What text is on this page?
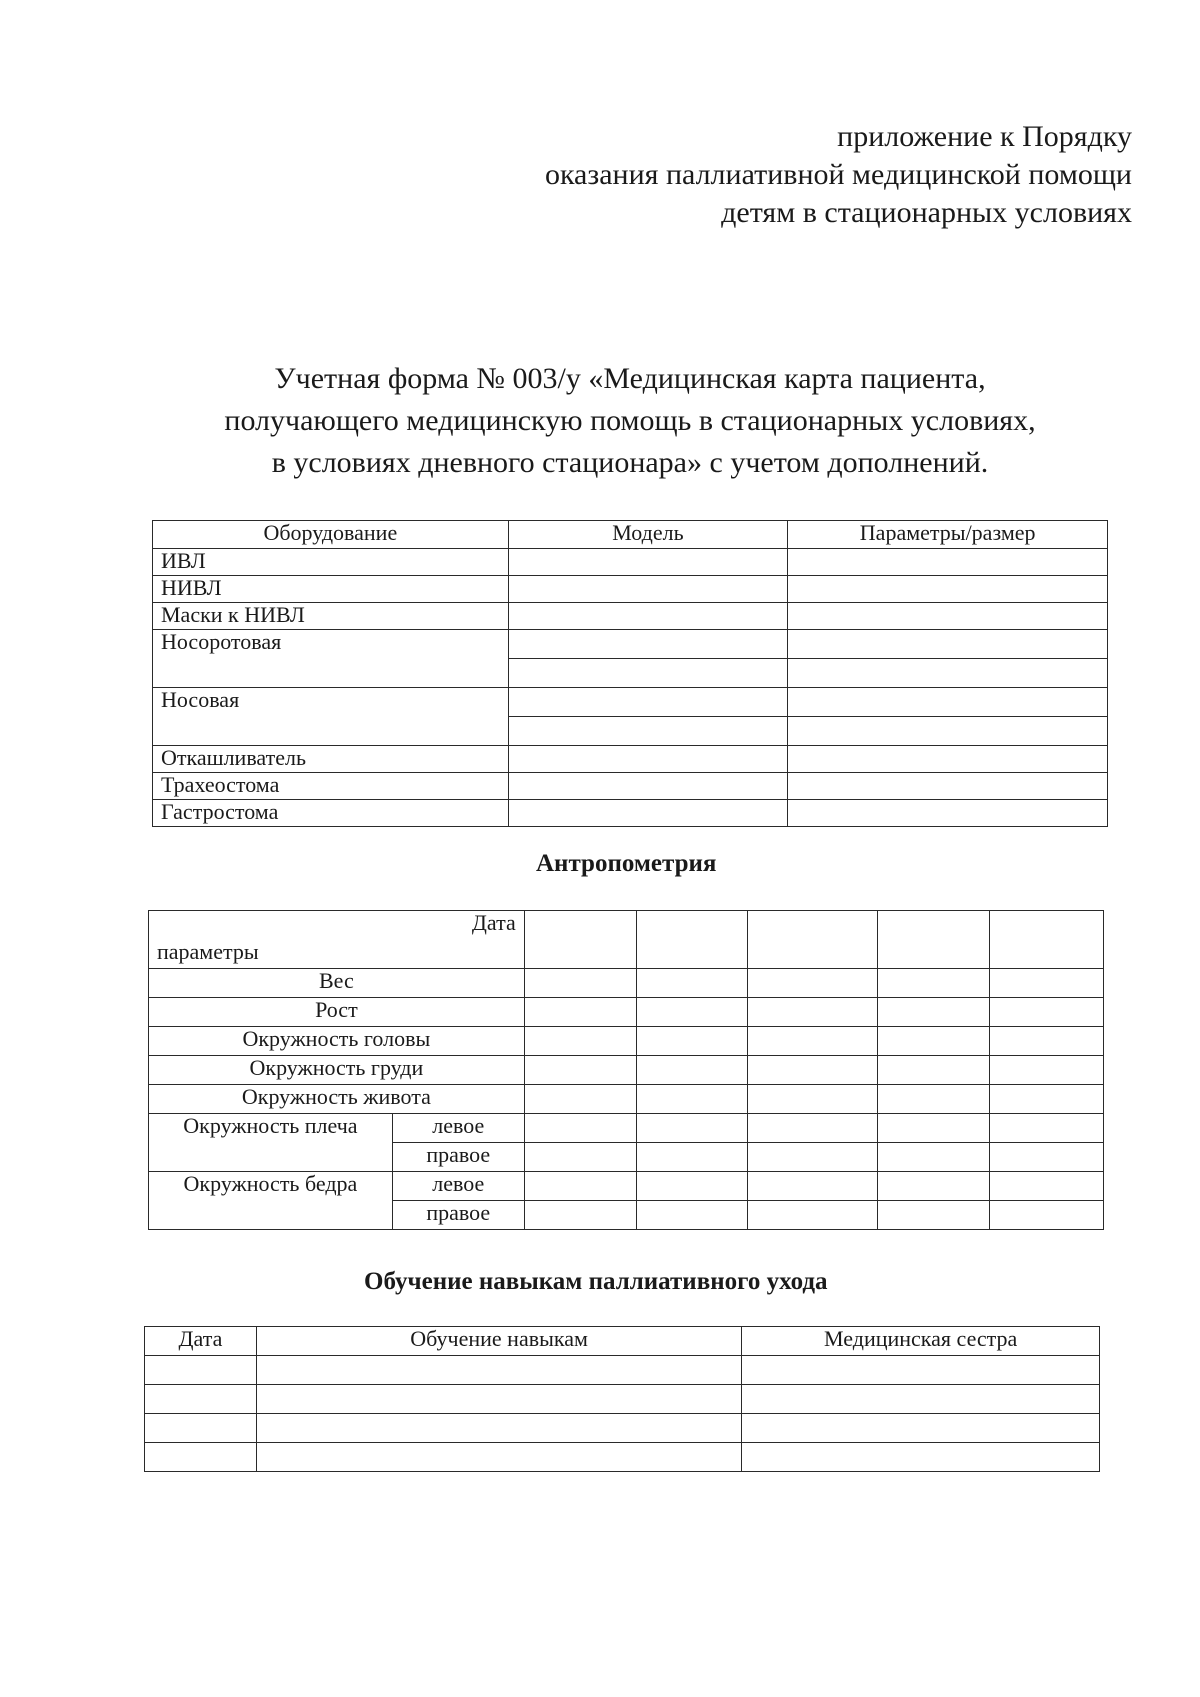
приложение к Порядку
оказания паллиативной медицинской помощи
детям в стационарных условиях
Учетная форма № 003/у «Медицинская карта пациента,
получающего медицинскую помощь в стационарных условиях,
в условиях дневного стационара» с учетом дополнений.
Оборудование	Модель	Параметры/размер
ИВЛ		
НИВЛ		
Маски к НИВЛ		
Носоротовая		

Носовая		

Откашливатель		
Трахеостома		
Гастростома		
Антропометрия
Дата						
параметры						
Вес						
Рост						
Окружность головы						
Окружность груди						
Окружность живота						
Окружность плеча	левое					
	правое					
Окружность бедра	левое					
	правое					
Обучение навыкам паллиативного ухода
Дата	Обучение навыкам	Медицинская сестра
